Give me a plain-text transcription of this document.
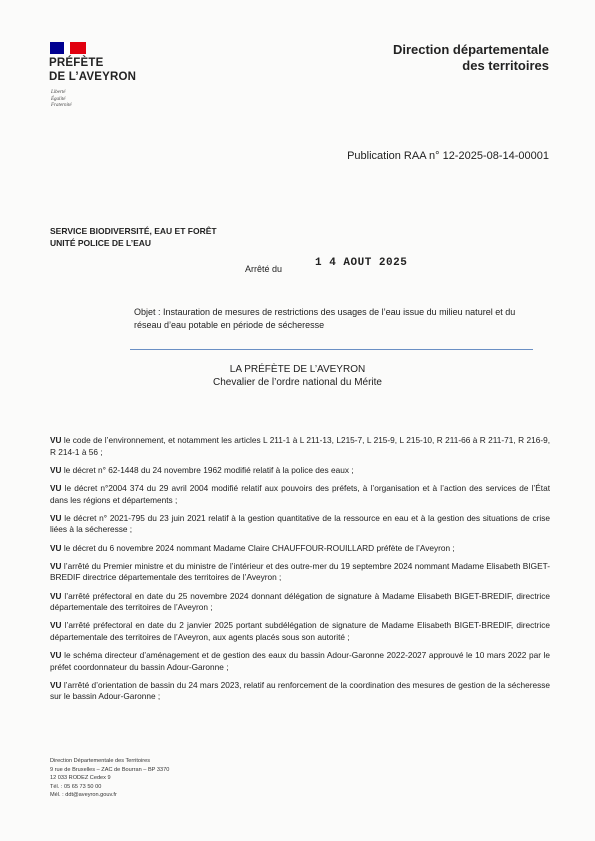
PRÉFÈTE
DE L’AVEYRON
Liberté
Égalité
Fraternité
Direction départementale
des territoires
Publication RAA n° 12-2025-08-14-00001
SERVICE BIODIVERSITÉ, EAU ET FORÊT
UNITÉ POLICE DE L’EAU
Arrêté du	1 4 AOUT 2025
Objet : Instauration de mesures de restrictions des usages de l’eau issue du milieu naturel et du réseau d’eau potable en période de sécheresse
LA PRÉFÈTE DE L’AVEYRON
Chevalier de l’ordre national du Mérite

VU le code de l’environnement, et notamment les articles L 211-1 à L 211-13, L215-7, L 215-9, L 215-10, R 211-66 à R 211-71, R 216-9, R 214-1 à 56 ;

VU le décret n° 62-1448 du 24 novembre 1962 modifié relatif à la police des eaux ;

VU le décret n°2004 374 du 29 avril 2004 modifié relatif aux pouvoirs des préfets, à l’organisation et à l’action des services de l’État dans les régions et départements ;

VU le décret n° 2021-795 du 23 juin 2021 relatif à la gestion quantitative de la ressource en eau et à la gestion des situations de crise liées à la sécheresse ;

VU le décret du 6 novembre 2024 nommant Madame Claire CHAUFFOUR-ROUILLARD préfète de l’Aveyron ;

VU l’arrêté du Premier ministre et du ministre de l’intérieur et des outre-mer du 19 septembre 2024 nommant Madame Elisabeth BIGET-BREDIF directrice départementale des territoires de l’Aveyron ;

VU l’arrêté préfectoral en date du 25 novembre 2024 donnant délégation de signature à Madame Elisabeth BIGET-BREDIF, directrice départementale des territoires de l’Aveyron ;

VU l’arrêté préfectoral en date du 2 janvier 2025 portant subdélégation de signature de Madame Elisabeth BIGET-BREDIF, directrice départementale des territoires de l’Aveyron, aux agents placés sous son autorité ;

VU le schéma directeur d’aménagement et de gestion des eaux du bassin Adour-Garonne 2022-2027 approuvé le 10 mars 2022 par le préfet coordonnateur du bassin Adour-Garonne ;

VU l’arrêté d’orientation de bassin du 24 mars 2023, relatif au renforcement de la coordination des mesures de gestion de la sécheresse sur le bassin Adour-Garonne ;

Direction Départementale des Territoires
9 rue de Bruxelles – ZAC de Bourran – BP 3370
12 033 RODEZ Cedex 9
Tél. : 05 65 73 50 00
Mél. : ddt@aveyron.gouv.fr
